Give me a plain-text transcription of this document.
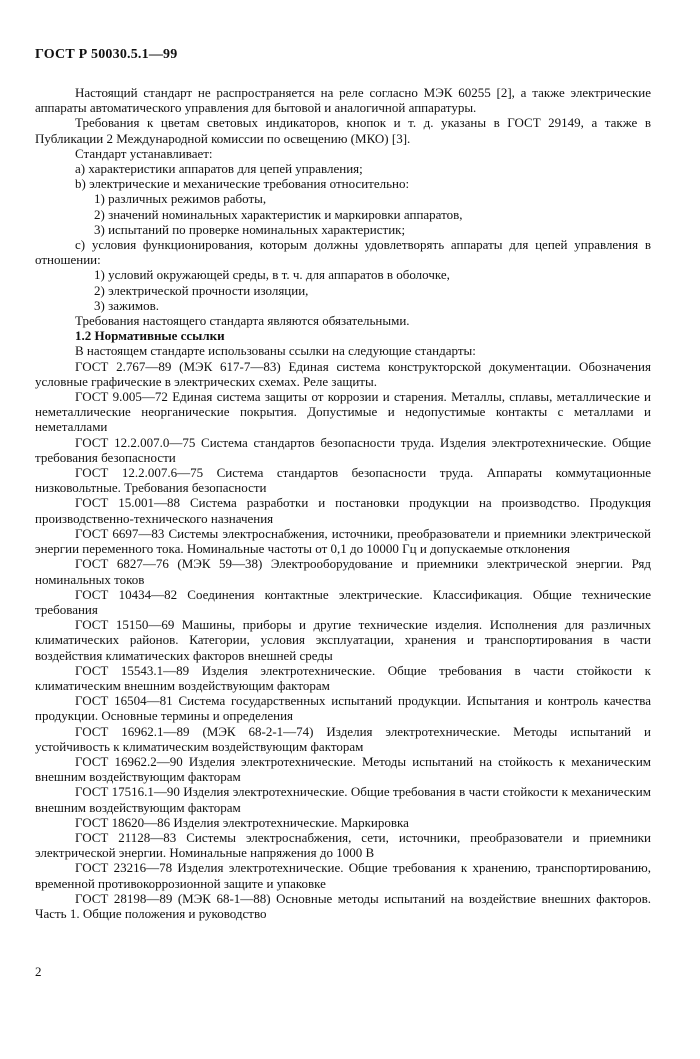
ГОСТ Р 50030.5.1—99

Настоящий стандарт не распространяется на реле согласно МЭК 60255 [2], а также электрические аппараты автоматического управления для бытовой и аналогичной аппаратуры.

Требования к цветам световых индикаторов, кнопок и т. д. указаны в ГОСТ 29149, а также в Публикации 2 Международной комиссии по освещению (МКО) [3].

Стандарт устанавливает:

а) характеристики аппаратов для цепей управления;

b) электрические и механические требования относительно:

1) различных режимов работы,

2) значений номинальных характеристик и маркировки аппаратов,

3) испытаний по проверке номинальных характеристик;

с) условия функционирования, которым должны удовлетворять аппараты для цепей управления в отношении:

1) условий окружающей среды, в т. ч. для аппаратов в оболочке,

2) электрической прочности изоляции,

3) зажимов.

Требования настоящего стандарта являются обязательными.

1.2 Нормативные ссылки

В настоящем стандарте использованы ссылки на следующие стандарты:

ГОСТ 2.767—89 (МЭК 617-7—83) Единая система конструкторской документации. Обозначения условные графические в электрических схемах. Реле защиты.

ГОСТ 9.005—72 Единая система защиты от коррозии и старения. Металлы, сплавы, металлические и неметаллические неорганические покрытия. Допустимые и недопустимые контакты с металлами и неметаллами

ГОСТ 12.2.007.0—75 Система стандартов безопасности труда. Изделия электротехнические. Общие требования безопасности

ГОСТ 12.2.007.6—75 Система стандартов безопасности труда. Аппараты коммутационные низковольтные. Требования безопасности

ГОСТ 15.001—88 Система разработки и постановки продукции на производство. Продукция производственно-технического назначения

ГОСТ 6697—83 Системы электроснабжения, источники, преобразователи и приемники электрической энергии переменного тока. Номинальные частоты от 0,1 до 10000 Гц и допускаемые отклонения

ГОСТ 6827—76 (МЭК 59—38) Электрооборудование и приемники электрической энергии. Ряд номинальных токов

ГОСТ 10434—82 Соединения контактные электрические. Классификация. Общие технические требования

ГОСТ 15150—69 Машины, приборы и другие технические изделия. Исполнения для различных климатических районов. Категории, условия эксплуатации, хранения и транспортирования в части воздействия климатических факторов внешней среды

ГОСТ 15543.1—89 Изделия электротехнические. Общие требования в части стойкости к климатическим внешним воздействующим факторам

ГОСТ 16504—81 Система государственных испытаний продукции. Испытания и контроль качества продукции. Основные термины и определения

ГОСТ 16962.1—89 (МЭК 68-2-1—74) Изделия электротехнические. Методы испытаний и устойчивость к климатическим воздействующим факторам

ГОСТ 16962.2—90 Изделия электротехнические. Методы испытаний на стойкость к механическим внешним воздействующим факторам

ГОСТ 17516.1—90 Изделия электротехнические. Общие требования в части стойкости к механическим внешним воздействующим факторам

ГОСТ 18620—86 Изделия электротехнические. Маркировка

ГОСТ 21128—83 Системы электроснабжения, сети, источники, преобразователи и приемники электрической энергии. Номинальные напряжения до 1000 В

ГОСТ 23216—78 Изделия электротехнические. Общие требования к хранению, транспортированию, временной противокоррозионной защите и упаковке

ГОСТ 28198—89 (МЭК 68-1—88) Основные методы испытаний на воздействие внешних факторов. Часть 1. Общие положения и руководство

2
